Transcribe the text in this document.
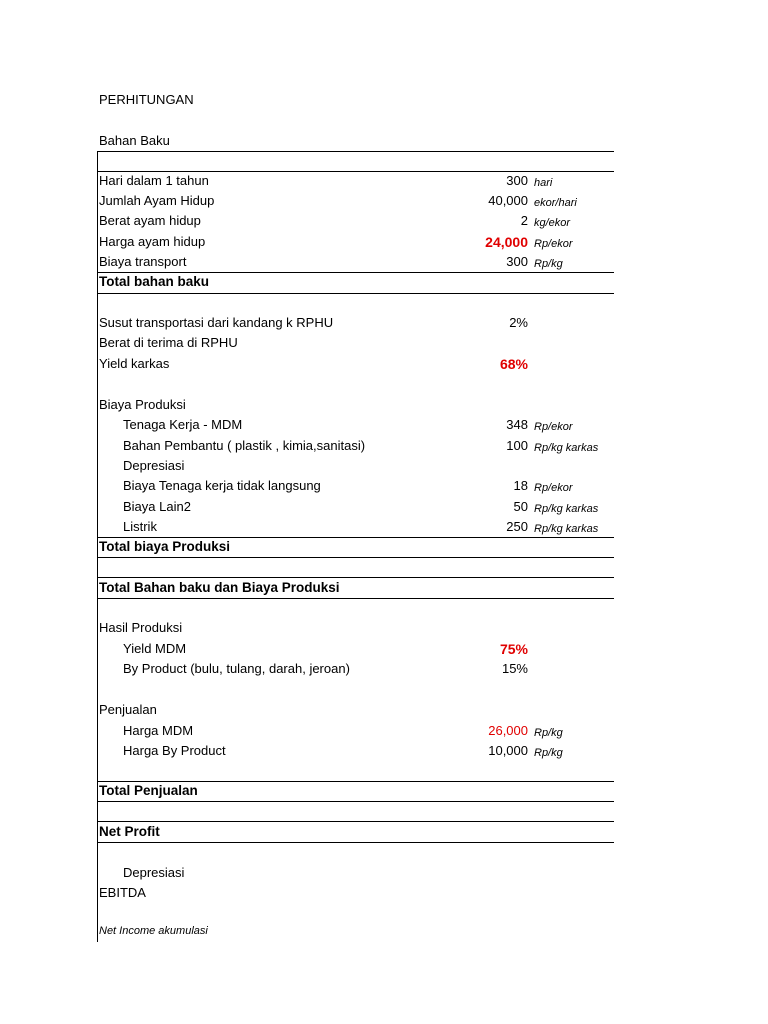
PERHITUNGAN
Bahan Baku
Hari dalam 1 tahun	300 hari
Jumlah Ayam Hidup	40,000 ekor/hari
Berat ayam hidup	2 kg/ekor
Harga ayam hidup	24,000 Rp/ekor
Biaya transport	300 Rp/kg
Total bahan baku
Susut transportasi dari kandang k RPHU	2%
Berat di terima di RPHU
Yield karkas	68%
Biaya Produksi
Tenaga Kerja - MDM	348 Rp/ekor
Bahan Pembantu ( plastik , kimia,sanitasi)	100 Rp/kg karkas
Depresiasi
Biaya Tenaga kerja tidak langsung	18 Rp/ekor
Biaya Lain2	50 Rp/kg karkas
Listrik	250 Rp/kg karkas
Total biaya Produksi
Total Bahan baku dan Biaya Produksi
Hasil Produksi
Yield MDM	75%
By Product (bulu, tulang, darah, jeroan)	15%
Penjualan
Harga MDM	26,000 Rp/kg
Harga By Product	10,000 Rp/kg
Total Penjualan
Net Profit
Depresiasi
EBITDA
Net Income akumulasi
